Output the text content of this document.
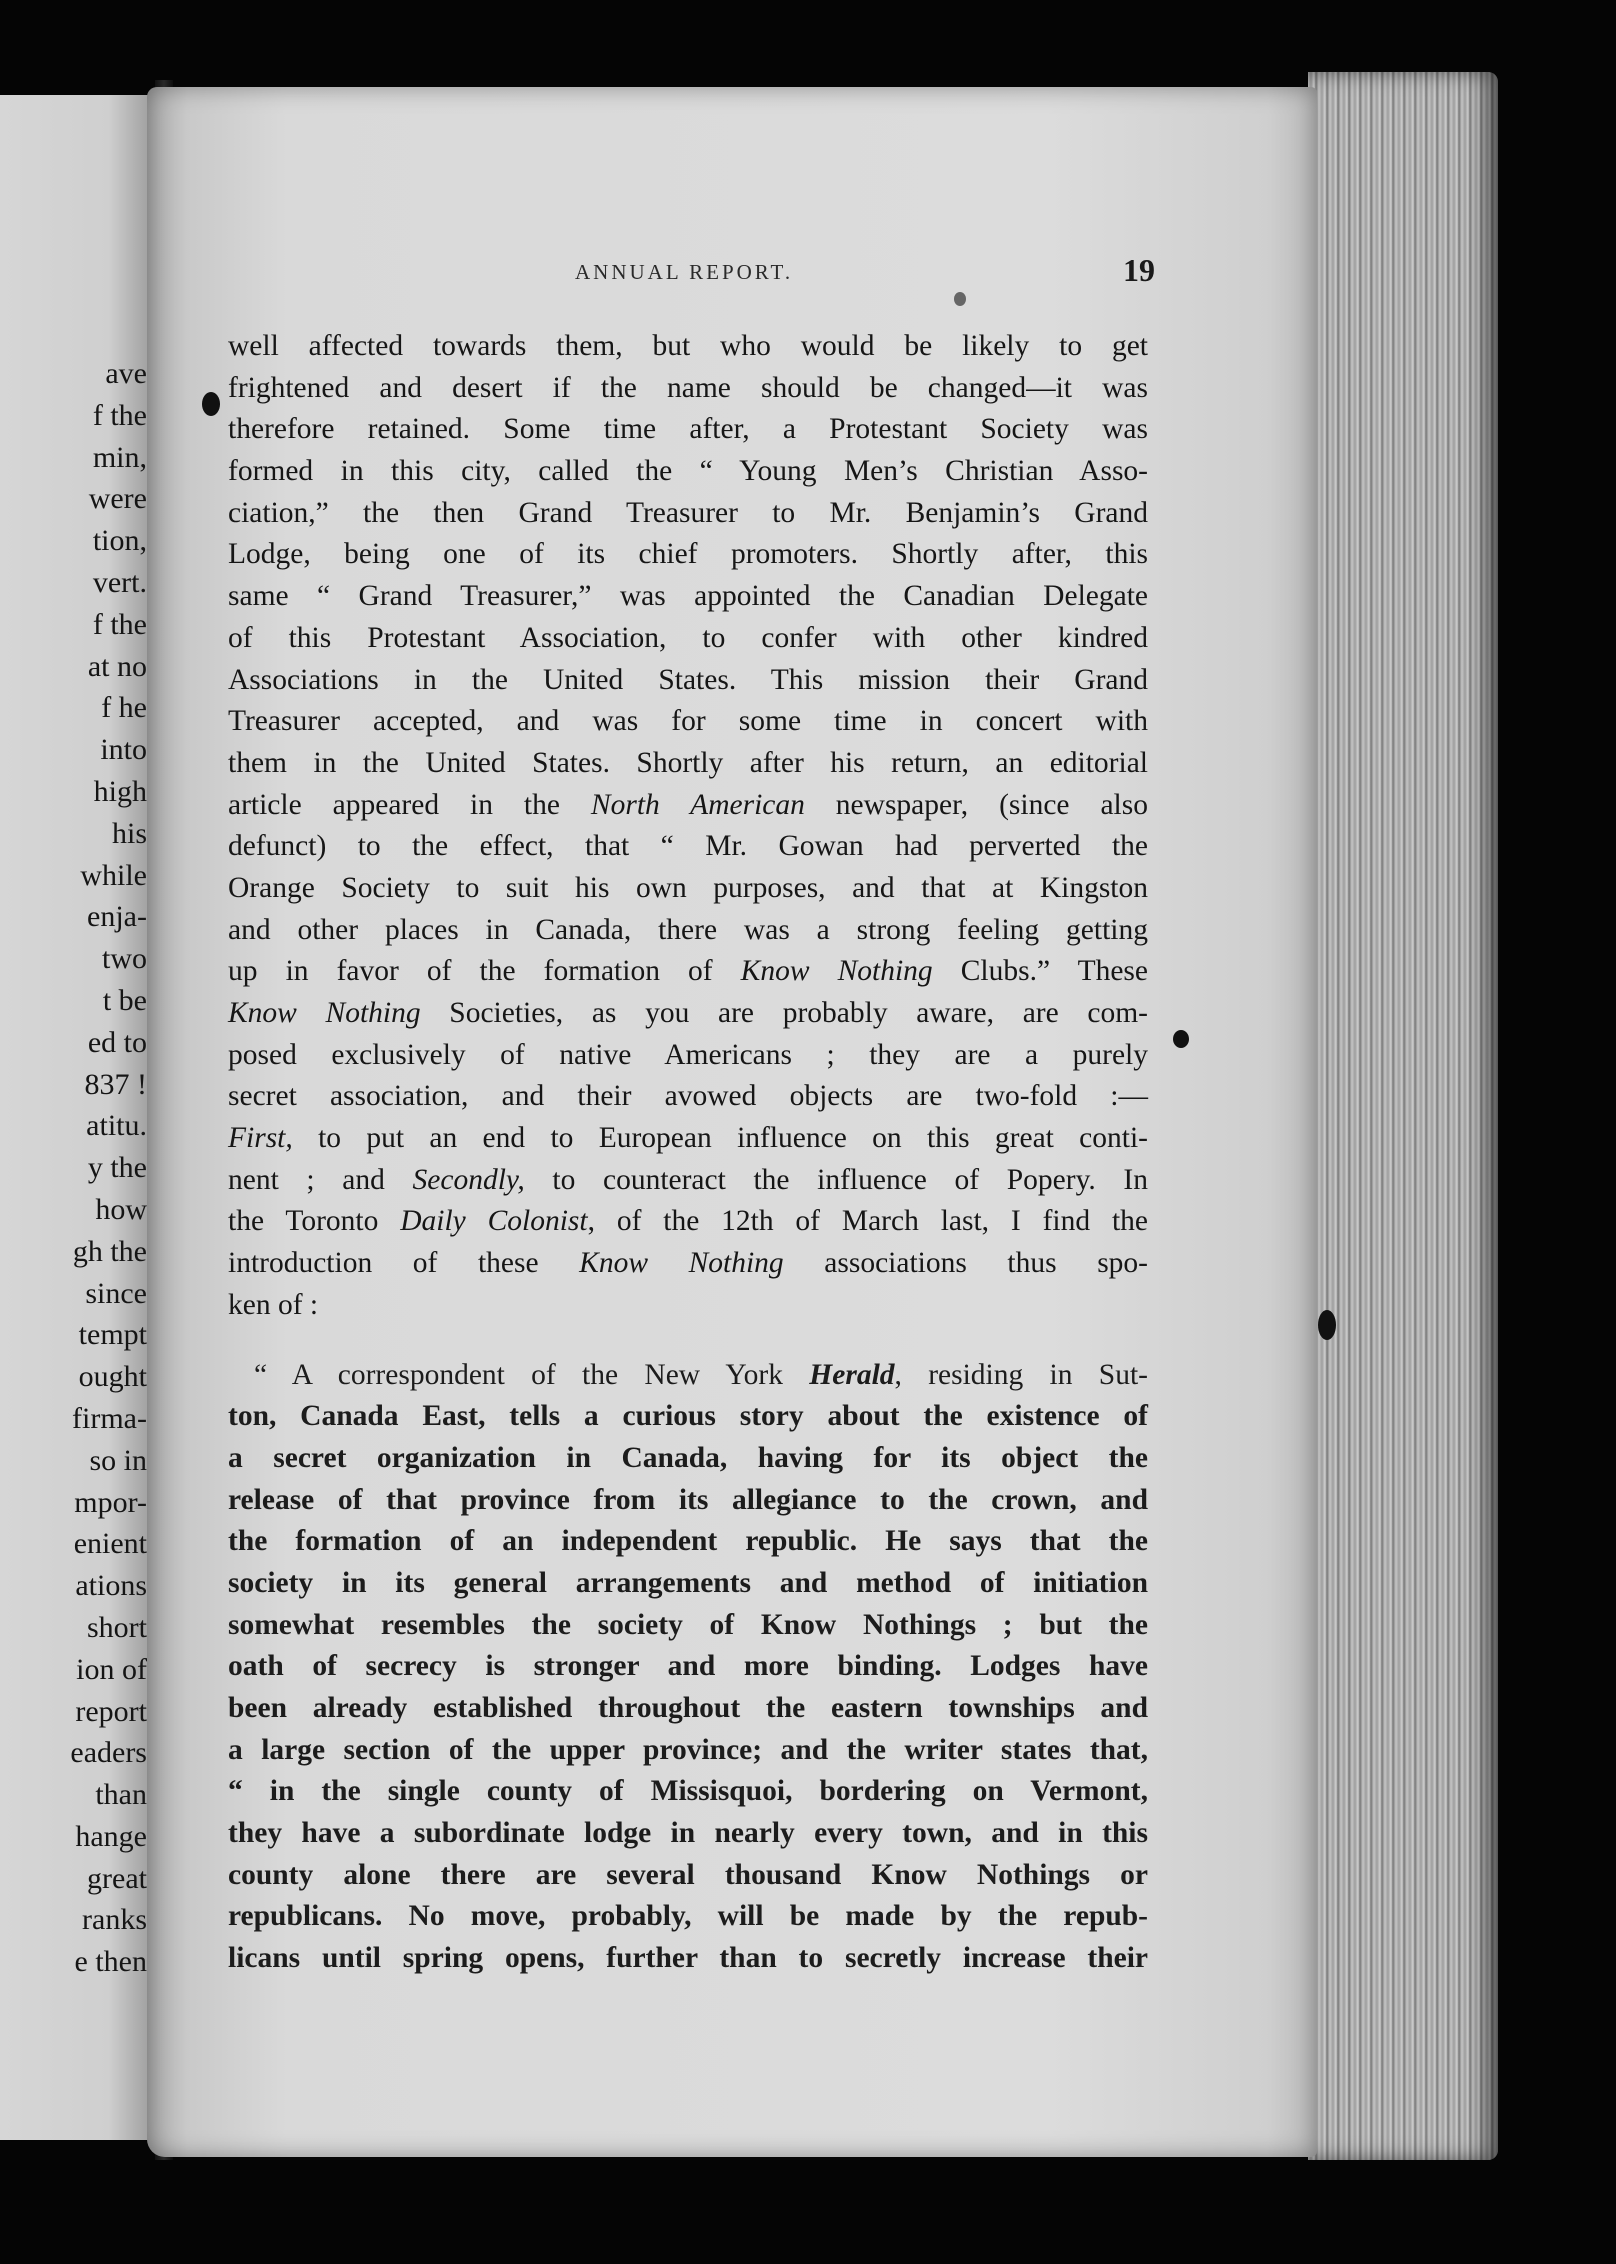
ave
f the
min,
were
tion,
vert.
f the
at no
f he
into
high
his
while
enja-
two
t be
ed to
837 !
atitu.
y the
how
gh the
since
tempt
ought
firma-
so in
mpor-
enient
ations
short
ion of
report
eaders
than
hange
great
ranks
e then
ANNUAL REPORT.	19
well affected towards them, but who would be likely to get
frightened and desert if the name should be changed—it was
therefore retained. Some time after, a Protestant Society was
formed in this city, called the “ Young Men’s Christian Asso-
ciation,” the then Grand Treasurer to Mr. Benjamin’s Grand
Lodge, being one of its chief promoters. Shortly after, this
same “ Grand Treasurer,” was appointed the Canadian Delegate
of this Protestant Association, to confer with other kindred
Associations in the United States. This mission their Grand
Treasurer accepted, and was for some time in concert with
them in the United States. Shortly after his return, an editorial
article appeared in the North American newspaper, (since also
defunct) to the effect, that “ Mr. Gowan had perverted the
Orange Society to suit his own purposes, and that at Kingston
and other places in Canada, there was a strong feeling getting
up in favor of the formation of Know Nothing Clubs.” These
Know Nothing Societies, as you are probably aware, are com-
posed exclusively of native Americans ; they are a purely
secret association, and their avowed objects are two-fold :—
First, to put an end to European influence on this great conti-
nent ; and Secondly, to counteract the influence of Popery. In
the Toronto Daily Colonist, of the 12th of March last, I find the
introduction of these Know Nothing associations thus spo-
ken of :
“ A correspondent of the New York Herald, residing in Sut-
ton, Canada East, tells a curious story about the existence of
a secret organization in Canada, having for its object the
release of that province from its allegiance to the crown, and
the formation of an independent republic. He says that the
society in its general arrangements and method of initiation
somewhat resembles the society of Know Nothings ; but the
oath of secrecy is stronger and more binding. Lodges have
been already established throughout the eastern townships and
a large section of the upper province; and the writer states that,
“ in the single county of Missisquoi, bordering on Vermont,
they have a subordinate lodge in nearly every town, and in this
county alone there are several thousand Know Nothings or
republicans. No move, probably, will be made by the repub-
licans until spring opens, further than to secretly increase their
